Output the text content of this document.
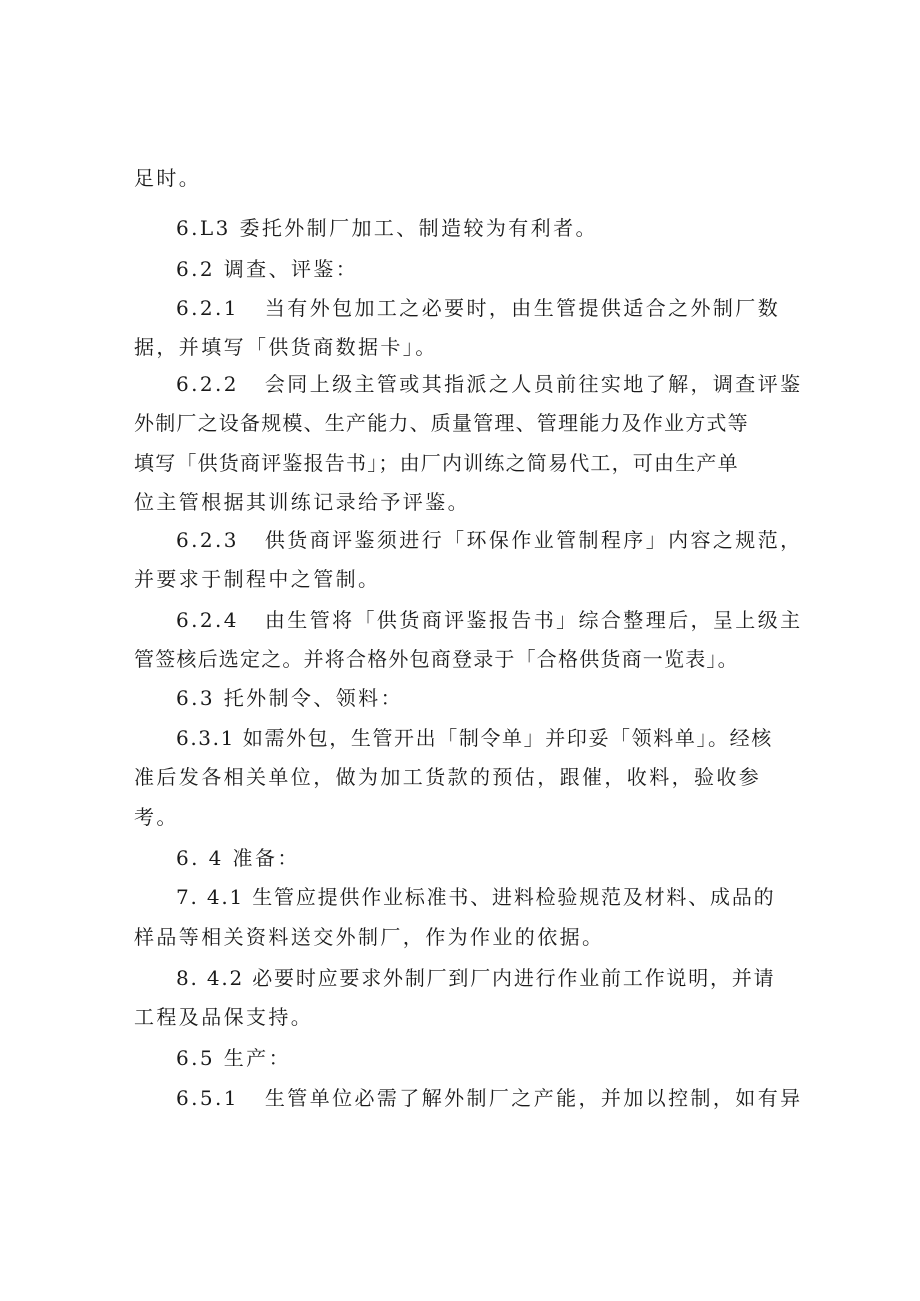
足时。
6.L3 委托外制厂加工、制造较为有利者。
6.2 调查、评鉴：
6.2.1 当有外包加工之必要时，由生管提供适合之外制厂数
据，并填写「供货商数据卡」。
6.2.2 会同上级主管或其指派之人员前往实地了解，调查评鉴
外制厂之设备规模、生产能力、质量管理、管理能力及作业方式等
填写「供货商评鉴报告书」；由厂内训练之简易代工，可由生产单
位主管根据其训练记录给予评鉴。
6.2.3 供货商评鉴须进行「环保作业管制程序」内容之规范，
并要求于制程中之管制。
6.2.4 由生管将「供货商评鉴报告书」综合整理后，呈上级主
管签核后选定之。并将合格外包商登录于「合格供货商一览表」。
6.3 托外制令、领料：
6.3.1 如需外包，生管开出「制令单」并印妥「领料单」。经核
准后发各相关单位，做为加工货款的预估，跟催，收料，验收参
考。
6. 4 准备：
7. 4.1 生管应提供作业标准书、进料检验规范及材料、成品的
样品等相关资料送交外制厂，作为作业的依据。
8. 4.2 必要时应要求外制厂到厂内进行作业前工作说明，并请
工程及品保支持。
6.5 生产：
6.5.1 生管单位必需了解外制厂之产能，并加以控制，如有异
